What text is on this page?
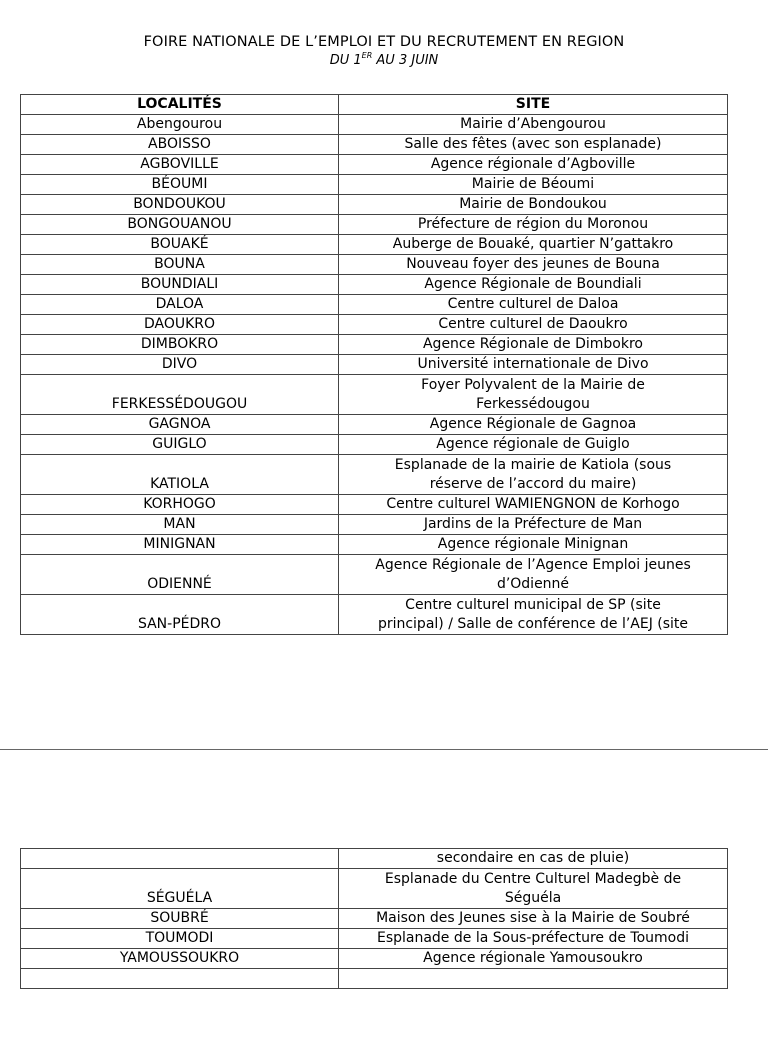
FOIRE NATIONALE DE L’EMPLOI ET DU RECRUTEMENT EN REGION
DU 1ER AU 3 JUIN
LOCALITÉS	SITE
Abengourou	Mairie d’Abengourou

ABOISSO	Salle des fêtes (avec son esplanade)

AGBOVILLE	Agence régionale d’Agboville

BÉOUMI	Mairie de Béoumi

BONDOUKOU	Mairie de Bondoukou

BONGOUANOU	Préfecture de région du Moronou

BOUAKÉ	Auberge de Bouaké, quartier N’gattakro

BOUNA	Nouveau foyer des jeunes de Bouna

BOUNDIALI	Agence Régionale de Boundiali

DALOA	Centre culturel de Daloa

DAOUKRO	Centre culturel de Daoukro

DIMBOKRO	Agence Régionale de Dimbokro

DIVO	Université internationale de Divo

FERKESSÉDOUGOU	Foyer Polyvalent de la Mairie de
Ferkessédougou

GAGNOA	Agence Régionale de Gagnoa

GUIGLO	Agence régionale de Guiglo

KATIOLA	Esplanade de la mairie de Katiola (sous
réserve de l’accord du maire)

KORHOGO	Centre culturel WAMIENGNON de Korhogo

MAN	Jardins de la Préfecture de Man

MINIGNAN	Agence régionale Minignan

ODIENNÉ	Agence Régionale de l’Agence Emploi jeunes
d’Odienné

SAN-PÉDRO	Centre culturel municipal de SP (site
principal) / Salle de conférence de l’AEJ (site

	secondaire en cas de pluie)

SÉGUÉLA	Esplanade du Centre Culturel Madegbè de
Séguéla

SOUBRÉ	Maison des Jeunes sise à la Mairie de Soubré

TOUMODI	Esplanade de la Sous-préfecture de Toumodi

YAMOUSSOUKRO	Agence régionale Yamousoukro
